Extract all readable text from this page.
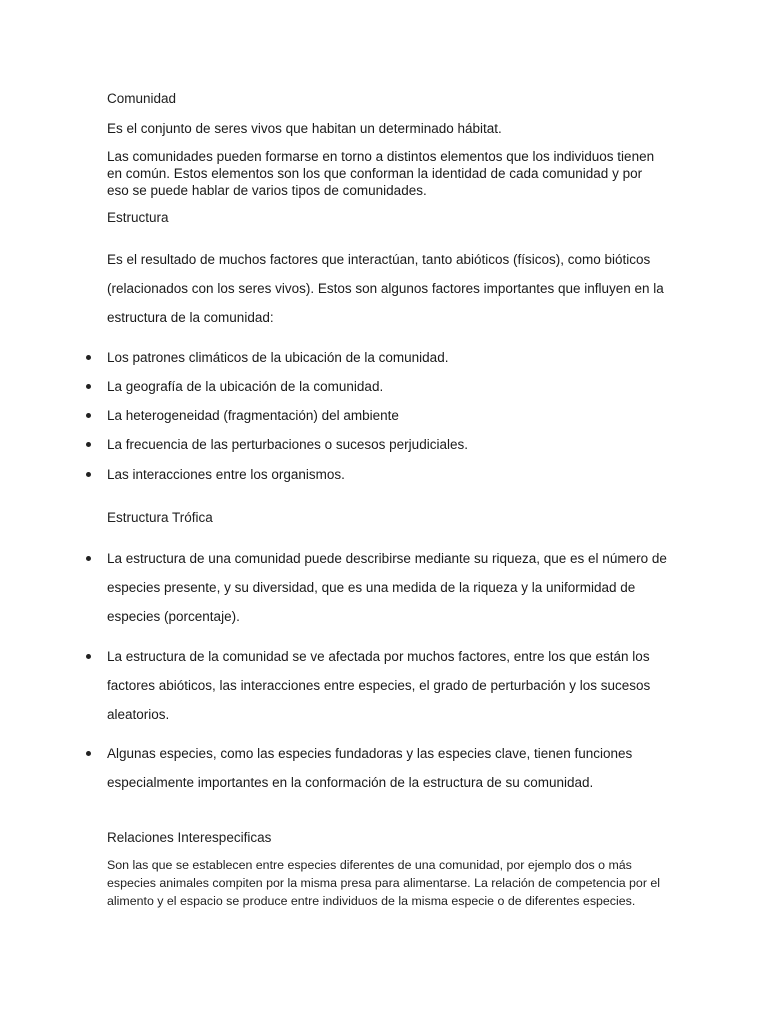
Comunidad

Es el conjunto de seres vivos que habitan un determinado hábitat.

Las comunidades pueden formarse en torno a distintos elementos que los individuos tienen en común. Estos elementos son los que conforman la identidad de cada comunidad y por eso se puede hablar de varios tipos de comunidades.

Estructura

Es el resultado de muchos factores que interactúan, tanto abióticos (físicos), como bióticos (relacionados con los seres vivos). Estos son algunos factores importantes que influyen en la estructura de la comunidad:

Los patrones climáticos de la ubicación de la comunidad.
La geografía de la ubicación de la comunidad.
La heterogeneidad (fragmentación) del ambiente
La frecuencia de las perturbaciones o sucesos perjudiciales.
Las interacciones entre los organismos.

Estructura Trófica

La estructura de una comunidad puede describirse mediante su riqueza, que es el número de especies presente, y su diversidad, que es una medida de la riqueza y la uniformidad de especies (porcentaje).
La estructura de la comunidad se ve afectada por muchos factores, entre los que están los factores abióticos, las interacciones entre especies, el grado de perturbación y los sucesos aleatorios.
Algunas especies, como las especies fundadoras y las especies clave, tienen funciones especialmente importantes en la conformación de la estructura de su comunidad.

Relaciones Interespecificas

Son las que se establecen entre especies diferentes de una comunidad, por ejemplo dos o más especies animales compiten por la misma presa para alimentarse. La relación de competencia por el alimento y el espacio se produce entre individuos de la misma especie o de diferentes especies.
